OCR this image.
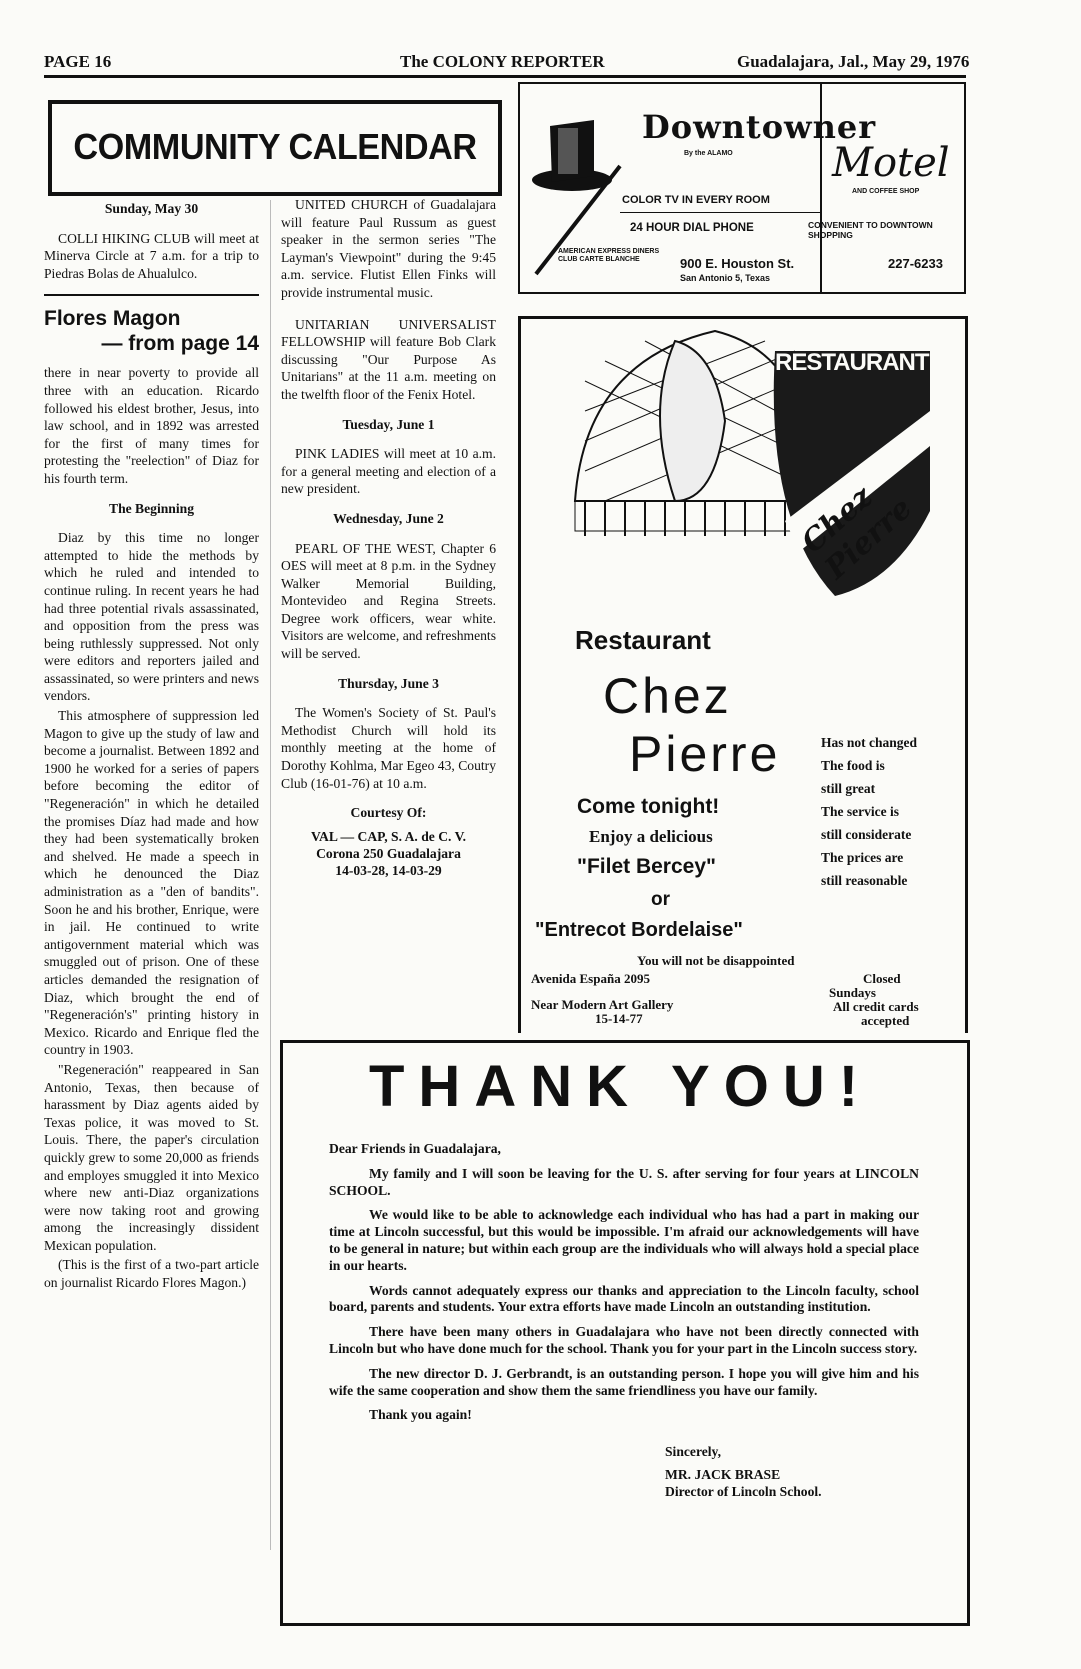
PAGE 16	The COLONY REPORTER	Guadalajara, Jal., May 29, 1976
COMMUNITY CALENDAR
Sunday, May 30

COLLI HIKING CLUB will meet at Minerva Circle at 7 a.m. for a trip to Piedras Bolas de Ahualulco.

Flores Magon
— from page 14

there in near poverty to provide all three with an education. Ricardo followed his eldest brother, Jesus, into law school, and in 1892 was arrested for the first of many times for protesting the "reelection" of Diaz for his fourth term.

The Beginning

Diaz by this time no longer attempted to hide the methods by which he ruled and intended to continue ruling. In recent years he had had three potential rivals assassinated, and opposition from the press was being ruthlessly suppressed. Not only were editors and reporters jailed and assassinated, so were printers and news vendors.

This atmosphere of suppression led Magon to give up the study of law and become a journalist. Between 1892 and 1900 he worked for a series of papers before becoming the editor of "Regeneración" in which he detailed the promises Díaz had made and how they had been systematically broken and shelved. He made a speech in which he denounced the Diaz administration as a "den of bandits". Soon he and his brother, Enrique, were in jail. He continued to write antigovernment material which was smuggled out of prison. One of these articles demanded the resignation of Diaz, which brought the end of "Regeneración's" printing history in Mexico. Ricardo and Enrique fled the country in 1903.

"Regeneración" reappeared in San Antonio, Texas, then because of harassment by Diaz agents aided by Texas police, it was moved to St. Louis. There, the paper's circulation quickly grew to some 20,000 as friends and employes smuggled it into Mexico where new anti-Diaz organizations were now taking root and growing among the increasingly dissident Mexican population.

(This is the first of a two-part article on journalist Ricardo Flores Magon.)

UNITED CHURCH of Guadalajara will feature Paul Russum as guest speaker in the sermon series "The Layman's Viewpoint" during the 9:45 a.m. service. Flutist Ellen Finks will provide instrumental music.

UNITARIAN UNIVERSALIST FELLOWSHIP will feature Bob Clark discussing "Our Purpose As Unitarians" at the 11 a.m. meeting on the twelfth floor of the Fenix Hotel.

Tuesday, June 1

PINK LADIES will meet at 10 a.m. for a general meeting and election of a new president.

Wednesday, June 2

PEARL OF THE WEST, Chapter 6 OES will meet at 8 p.m. in the Sydney Walker Memorial Building, Montevideo and Regina Streets. Degree work officers, wear white. Visitors are welcome, and refreshments will be served.

Thursday, June 3

The Women's Society of St. Paul's Methodist Church will hold its monthly meeting at the home of Dorothy Kohlma, Mar Egeo 43, Coutry Club (16-01-76) at 10 a.m.

Courtesy Of:
VAL — CAP, S. A. de C. V.
Corona 250 Guadalajara
14-03-28, 14-03-29
Downtowner
By the ALAMO Motel
AND COFFEE SHOP
COLOR TV IN EVERY ROOM
24 HOUR DIAL PHONE	CONVENIENT TO DOWNTOWN SHOPPING
AMERICAN EXPRESS DINERS CLUB CARTE BLANCHE	900 E. Houston St.
San Antonio 5, Texas
227-6233
RESTAURANT
Chez Pierre
Restaurant
Chez
Pierre	Has not changed
The food is
still great
The service is
still considerate
The prices are
still reasonable
Come tonight!
Enjoy a delicious
"Filet Bercey"
or
"Entrecot Bordelaise"
You will not be disappointed
Avenida España 2095
Near Modern Art Gallery
15-14-77
Closed
Sundays
All credit cards
accepted
THANK YOU!
Dear Friends in Guadalajara,

My family and I will soon be leaving for the U. S. after serving for four years at LINCOLN SCHOOL.

We would like to be able to acknowledge each individual who has had a part in making our time at Lincoln successful, but this would be impossible. I'm afraid our acknowledgements will have to be general in nature; but within each group are the individuals who will always hold a special place in our hearts.

Words cannot adequately express our thanks and appreciation to the Lincoln faculty, school board, parents and students. Your extra efforts have made Lincoln an outstanding institution.

There have been many others in Guadalajara who have not been directly connected with Lincoln but who have done much for the school. Thank you for your part in the Lincoln success story.

The new director D. J. Gerbrandt, is an outstanding person. I hope you will give him and his wife the same cooperation and show them the same friendliness you have our family.

Thank you again!

Sincerely,
MR. JACK BRASE
Director of Lincoln School.
